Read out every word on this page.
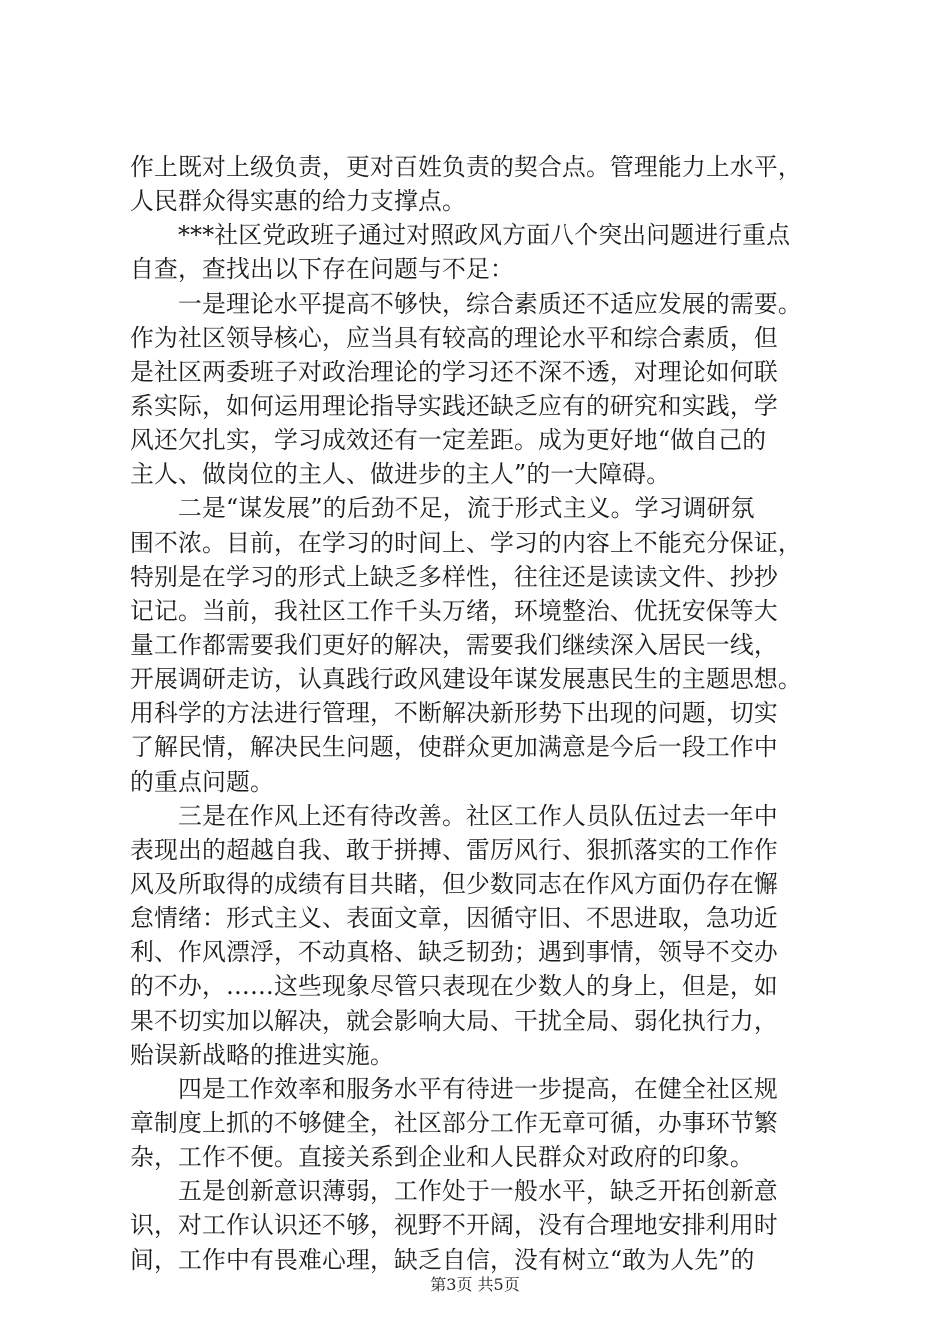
作上既对上级负责，更对百姓负责的契合点。管理能力上水平，
人民群众得实惠的给力支撑点。
***社区党政班子通过对照政风方面八个突出问题进行重点
自查，查找出以下存在问题与不足：
一是理论水平提高不够快，综合素质还不适应发展的需要。
作为社区领导核心，应当具有较高的理论水平和综合素质，但
是社区两委班子对政治理论的学习还不深不透，对理论如何联
系实际，如何运用理论指导实践还缺乏应有的研究和实践，学
风还欠扎实，学习成效还有一定差距。成为更好地“做自己的
主人、做岗位的主人、做进步的主人”的一大障碍。
二是“谋发展”的后劲不足，流于形式主义。学习调研氛
围不浓。目前，在学习的时间上、学习的内容上不能充分保证，
特别是在学习的形式上缺乏多样性，往往还是读读文件、抄抄
记记。当前，我社区工作千头万绪，环境整治、优抚安保等大
量工作都需要我们更好的解决，需要我们继续深入居民一线，
开展调研走访，认真践行政风建设年谋发展惠民生的主题思想。
用科学的方法进行管理，不断解决新形势下出现的问题，切实
了解民情，解决民生问题，使群众更加满意是今后一段工作中
的重点问题。
三是在作风上还有待改善。社区工作人员队伍过去一年中
表现出的超越自我、敢于拼搏、雷厉风行、狠抓落实的工作作
风及所取得的成绩有目共睹，但少数同志在作风方面仍存在懈
怠情绪：形式主义、表面文章，因循守旧、不思进取，急功近
利、作风漂浮，不动真格、缺乏韧劲；遇到事情，领导不交办
的不办，……这些现象尽管只表现在少数人的身上，但是，如
果不切实加以解决，就会影响大局、干扰全局、弱化执行力，
贻误新战略的推进实施。
四是工作效率和服务水平有待进一步提高，在健全社区规
章制度上抓的不够健全，社区部分工作无章可循，办事环节繁
杂，工作不便。直接关系到企业和人民群众对政府的印象。
五是创新意识薄弱，工作处于一般水平，缺乏开拓创新意
识，对工作认识还不够，视野不开阔，没有合理地安排利用时
间，工作中有畏难心理，缺乏自信，没有树立“敢为人先”的
第3页 共5页
